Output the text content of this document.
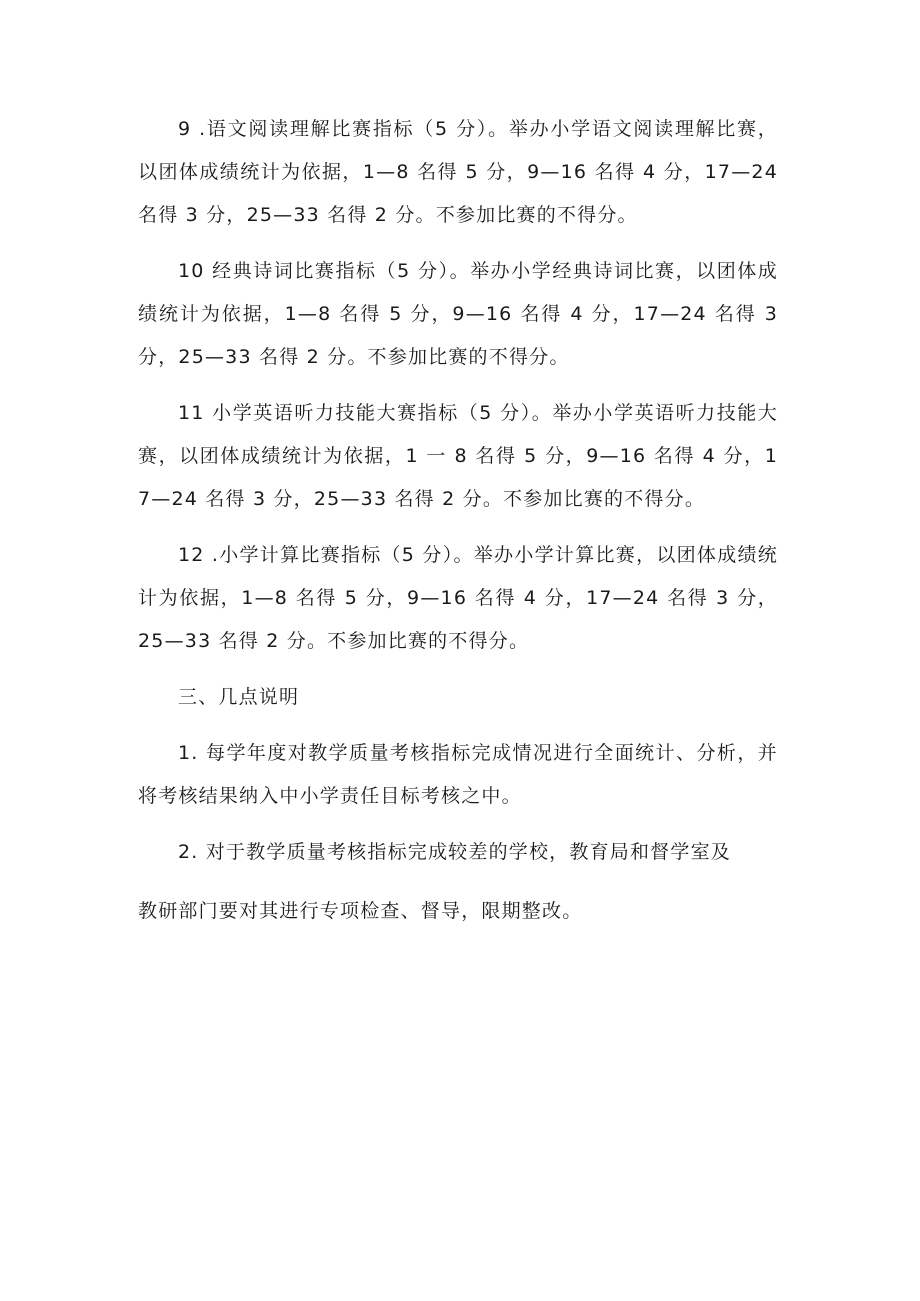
9 .语文阅读理解比赛指标（5 分）。举办小学语文阅读理解比赛，以团体成绩统计为依据，1—8 名得 5 分，9—16 名得 4 分，17—24 名得 3 分，25—33 名得 2 分。不参加比赛的不得分。

10 经典诗词比赛指标（5 分）。举办小学经典诗词比赛，以团体成绩统计为依据，1—8 名得 5 分，9—16 名得 4 分，17—24 名得 3 分，25—33 名得 2 分。不参加比赛的不得分。

11 小学英语听力技能大赛指标（5 分）。举办小学英语听力技能大赛，以团体成绩统计为依据，1 一 8 名得 5 分，9—16 名得 4 分，17—24 名得 3 分，25—33 名得 2 分。不参加比赛的不得分。

12 .小学计算比赛指标（5 分）。举办小学计算比赛，以团体成绩统计为依据，1—8 名得 5 分，9—16 名得 4 分，17—24 名得 3 分，25—33 名得 2 分。不参加比赛的不得分。

三、几点说明

1. 每学年度对教学质量考核指标完成情况进行全面统计、分析，并将考核结果纳入中小学责任目标考核之中。

2. 对于教学质量考核指标完成较差的学校，教育局和督学室及

教研部门要对其进行专项检查、督导，限期整改。
